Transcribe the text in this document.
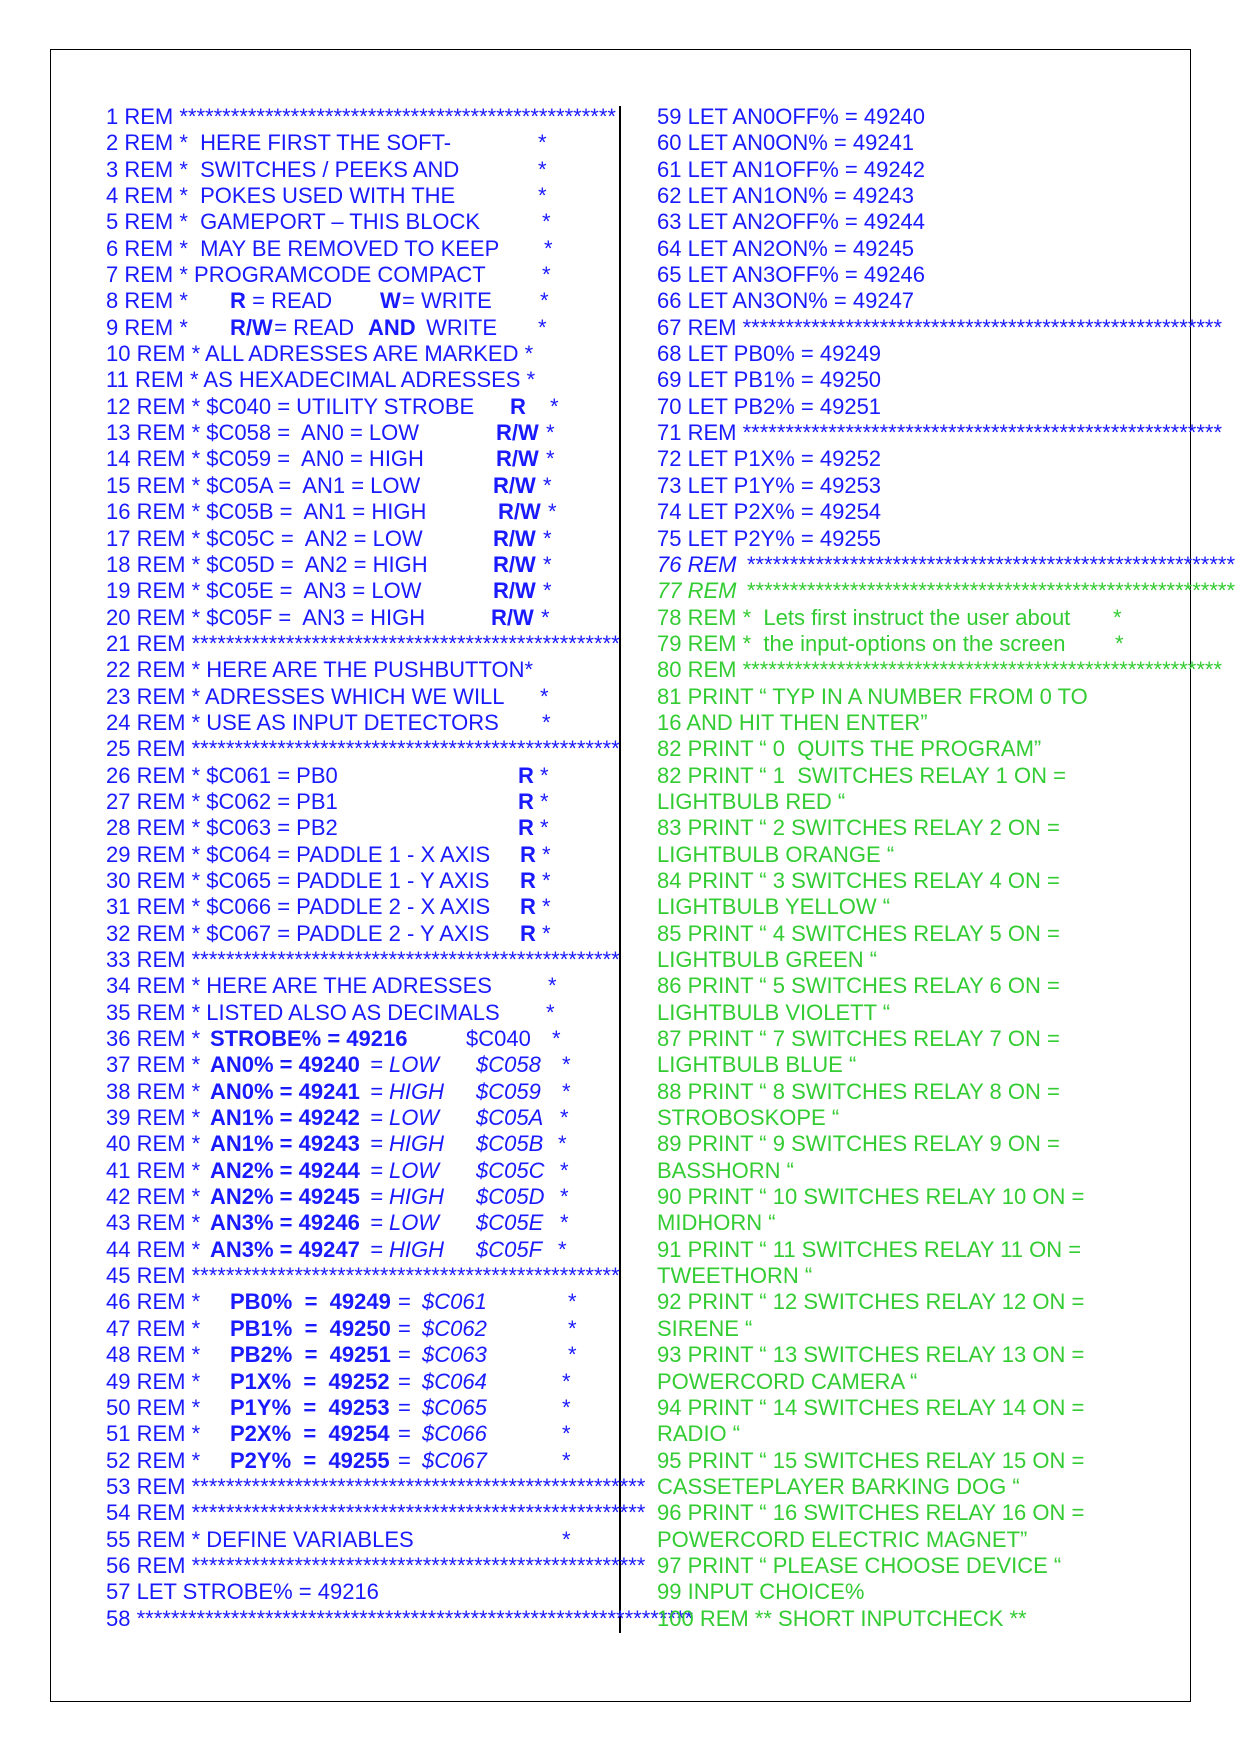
1 REM ***************************************************
2 REM *  HERE FIRST THE SOFT-	*
3 REM *  SWITCHES / PEEKS AND	*
4 REM *  POKES USED WITH THE	*
5 REM *  GAMEPORT – THIS BLOCK	*
6 REM *  MAY BE REMOVED TO KEEP *
7 REM * PROGRAMCODE COMPACT	*
8 REM * R = READ W = WRITE *
9 REM * R/W
= READ AND WRITE *
10 REM * ALL ADRESSES ARE MARKED *
11 REM * AS HEXADECIMAL ADRESSES *
12 REM * $C040 = UTILITY STROBE R *
13 REM * $C058 =  AN0 = LOW	R/W *
14 REM * $C059 =  AN0 = HIGH	R/W *
15 REM * $C05A =  AN1 = LOW	R/W *
16 REM * $C05B =  AN1 = HIGH	R/W *
17 REM * $C05C =  AN2 = LOW	R/W *
18 REM * $C05D =  AN2 = HIGH	R/W *
19 REM * $C05E =  AN3 = LOW	R/W *
20 REM * $C05F =  AN3 = HIGH	R/W *
21 REM **************************************************
22 REM * HERE ARE THE PUSHBUTTON*
23 REM * ADRESSES WHICH WE WILL *
24 REM * USE AS INPUT DETECTORS *
25 REM **************************************************
26 REM * $C061 = PB0	R *
27 REM * $C062 = PB1	R *
28 REM * $C063 = PB2	R *
29 REM * $C064 = PADDLE 1 - X AXIS R *
30 REM * $C065 = PADDLE 1 - Y AXIS R *
31 REM * $C066 = PADDLE 2 - X AXIS R *
32 REM * $C067 = PADDLE 2 - Y AXIS R *
33 REM **************************************************
34 REM * HERE ARE THE ADRESSES	*
35 REM * LISTED ALSO AS DECIMALS *
36 REM * STROBE% = 49216	$C040 *
37 REM * AN0% = 49240 = LOW $C058 *
38 REM * AN0% = 49241 = HIGH $C059 *
39 REM * AN1% = 49242 = LOW $C05A *
40 REM * AN1% = 49243 = HIGH $C05B *
41 REM * AN2% = 49244 = LOW $C05C *
42 REM * AN2% = 49245 = HIGH $C05D *
43 REM * AN3% = 49246 = LOW $C05E *
44 REM * AN3% = 49247 = HIGH $C05F *
45 REM **************************************************
46 REM * PB0%  =  49249 = $C061	*
47 REM * PB1%  =  49250 = $C062	*
48 REM * PB2%  =  49251 = $C063	*
49 REM * P1X%  =  49252 = $C064	*
50 REM * P1Y%  =  49253 = $C065	*
51 REM * P2X%  =  49254 = $C066	*
52 REM * P2Y%  =  49255 = $C067	*
53 REM *****************************************************
54 REM *****************************************************
55 REM * DEFINE VARIABLES	*
56 REM *****************************************************
57 LET STROBE% = 49216
58 *****************************************************************
59 LET AN0OFF% = 49240
60 LET AN0ON% = 49241
61 LET AN1OFF% = 49242
62 LET AN1ON% = 49243
63 LET AN2OFF% = 49244
64 LET AN2ON% = 49245
65 LET AN3OFF% = 49246
66 LET AN3ON% = 49247
67 REM ********************************************************
68 LET PB0% = 49249
69 LET PB1% = 49250
70 LET PB2% = 49251
71 REM ********************************************************
72 LET P1X% = 49252
73 LET P1Y% = 49253
74 LET P2X% = 49254
75 LET P2Y% = 49255
76 REM *********************************************************
77 REM *********************************************************
78 REM *  Lets first instruct the user about *
79 REM *  the input-options on the screen *
80 REM ********************************************************
81 PRINT “ TYP IN A NUMBER FROM 0 TO
16 AND HIT THEN ENTER”
82 PRINT “ 0  QUITS THE PROGRAM”
82 PRINT “ 1  SWITCHES RELAY 1 ON =
LIGHTBULB RED “
83 PRINT “ 2 SWITCHES RELAY 2 ON =
LIGHTBULB ORANGE “
84 PRINT “ 3 SWITCHES RELAY 4 ON =
LIGHTBULB YELLOW “
85 PRINT “ 4 SWITCHES RELAY 5 ON =
LIGHTBULB GREEN “
86 PRINT “ 5 SWITCHES RELAY 6 ON =
LIGHTBULB VIOLETT “
87 PRINT “ 7 SWITCHES RELAY 7 ON =
LIGHTBULB BLUE “
88 PRINT “ 8 SWITCHES RELAY 8 ON =
STROBOSKOPE “
89 PRINT “ 9 SWITCHES RELAY 9 ON =
BASSHORN “
90 PRINT “ 10 SWITCHES RELAY 10 ON =
MIDHORN “
91 PRINT “ 11 SWITCHES RELAY 11 ON =
TWEETHORN “
92 PRINT “ 12 SWITCHES RELAY 12 ON =
SIRENE “
93 PRINT “ 13 SWITCHES RELAY 13 ON =
POWERCORD CAMERA “
94 PRINT “ 14 SWITCHES RELAY 14 ON =
RADIO “
95 PRINT “ 15 SWITCHES RELAY 15 ON =
CASSETEPLAYER BARKING DOG “
96 PRINT “ 16 SWITCHES RELAY 16 ON =
POWERCORD ELECTRIC MAGNET”
97 PRINT “ PLEASE CHOOSE DEVICE “
99 INPUT CHOICE%
100 REM ** SHORT INPUTCHECK **
